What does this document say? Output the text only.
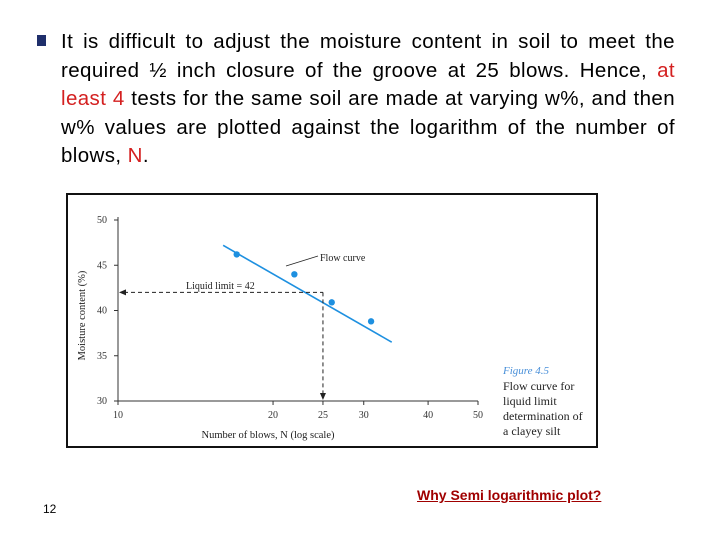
It is difficult to adjust the moisture content in soil to meet the required ½ inch closure of the groove at 25 blows. Hence, at least 4 tests for the same soil are made at varying w%, and then w% values are plotted against the logarithm of the number of blows, N.
30
35
40
45
50
10	20	25	30	40	50
Flow curve
Liquid limit = 42
Number of blows, N (log scale)
Moisture content (%)
Figure 4.5
Flow curve for
liquid limit
determination of
a clayey silt
12
Why Semi logarithmic plot?
